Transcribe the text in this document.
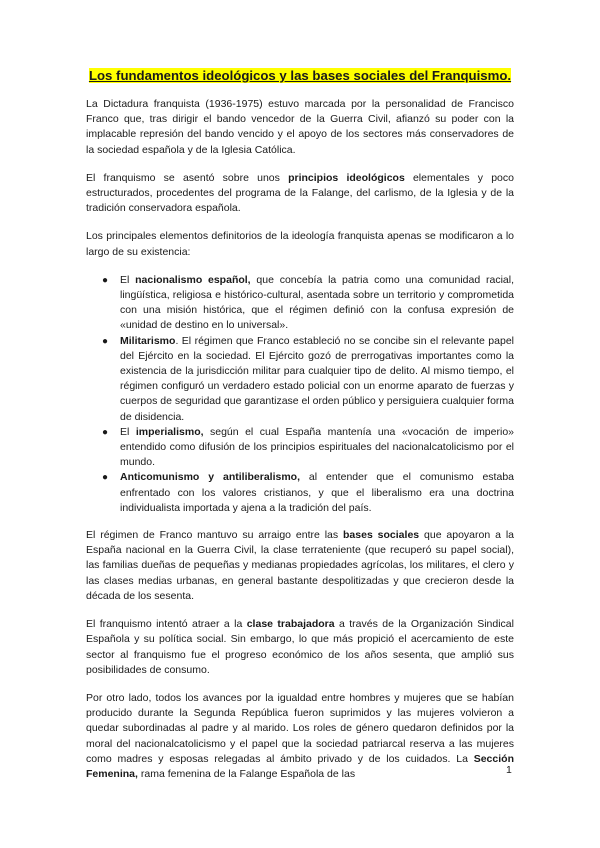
Los fundamentos ideológicos y las bases sociales del Franquismo.

La Dictadura franquista (1936-1975) estuvo marcada por la personalidad de Francisco Franco que, tras dirigir el bando vencedor de la Guerra Civil, afianzó su poder con la implacable represión del bando vencido y el apoyo de los sectores más conservadores de la sociedad española y de la Iglesia Católica.

El franquismo se asentó sobre unos principios ideológicos elementales y poco estructurados, procedentes del programa de la Falange, del carlismo, de la Iglesia y de la tradición conservadora española.

Los principales elementos definitorios de la ideología franquista apenas se modificaron a lo largo de su existencia:

● El nacionalismo español, que concebía la patria como una comunidad racial, lingüística, religiosa e histórico-cultural, asentada sobre un territorio y comprometida con una misión histórica, que el régimen definió con la confusa expresión de «unidad de destino en lo universal».
● Militarismo. El régimen que Franco estableció no se concibe sin el relevante papel del Ejército en la sociedad. El Ejército gozó de prerrogativas importantes como la existencia de la jurisdicción militar para cualquier tipo de delito. Al mismo tiempo, el régimen configuró un verdadero estado policial con un enorme aparato de fuerzas y cuerpos de seguridad que garantizase el orden público y persiguiera cualquier forma de disidencia.
● El imperialismo, según el cual España mantenía una «vocación de imperio» entendido como difusión de los principios espirituales del nacionalcatolicismo por el mundo.
● Anticomunismo y antiliberalismo, al entender que el comunismo estaba enfrentado con los valores cristianos, y que el liberalismo era una doctrina individualista importada y ajena a la tradición del país.

El régimen de Franco mantuvo su arraigo entre las bases sociales que apoyaron a la España nacional en la Guerra Civil, la clase terrateniente (que recuperó su papel social), las familias dueñas de pequeñas y medianas propiedades agrícolas, los militares, el clero y las clases medias urbanas, en general bastante despolitizadas y que crecieron desde la década de los sesenta.

El franquismo intentó atraer a la clase trabajadora a través de la Organización Sindical Española y su política social. Sin embargo, lo que más propició el acercamiento de este sector al franquismo fue el progreso económico de los años sesenta, que amplió sus posibilidades de consumo.

Por otro lado, todos los avances por la igualdad entre hombres y mujeres que se habían producido durante la Segunda República fueron suprimidos y las mujeres volvieron a quedar subordinadas al padre y al marido. Los roles de género quedaron definidos por la moral del nacionalcatolicismo y el papel que la sociedad patriarcal reserva a las mujeres como madres y esposas relegadas al ámbito privado y de los cuidados. La Sección Femenina, rama femenina de la Falange Española de las	1
